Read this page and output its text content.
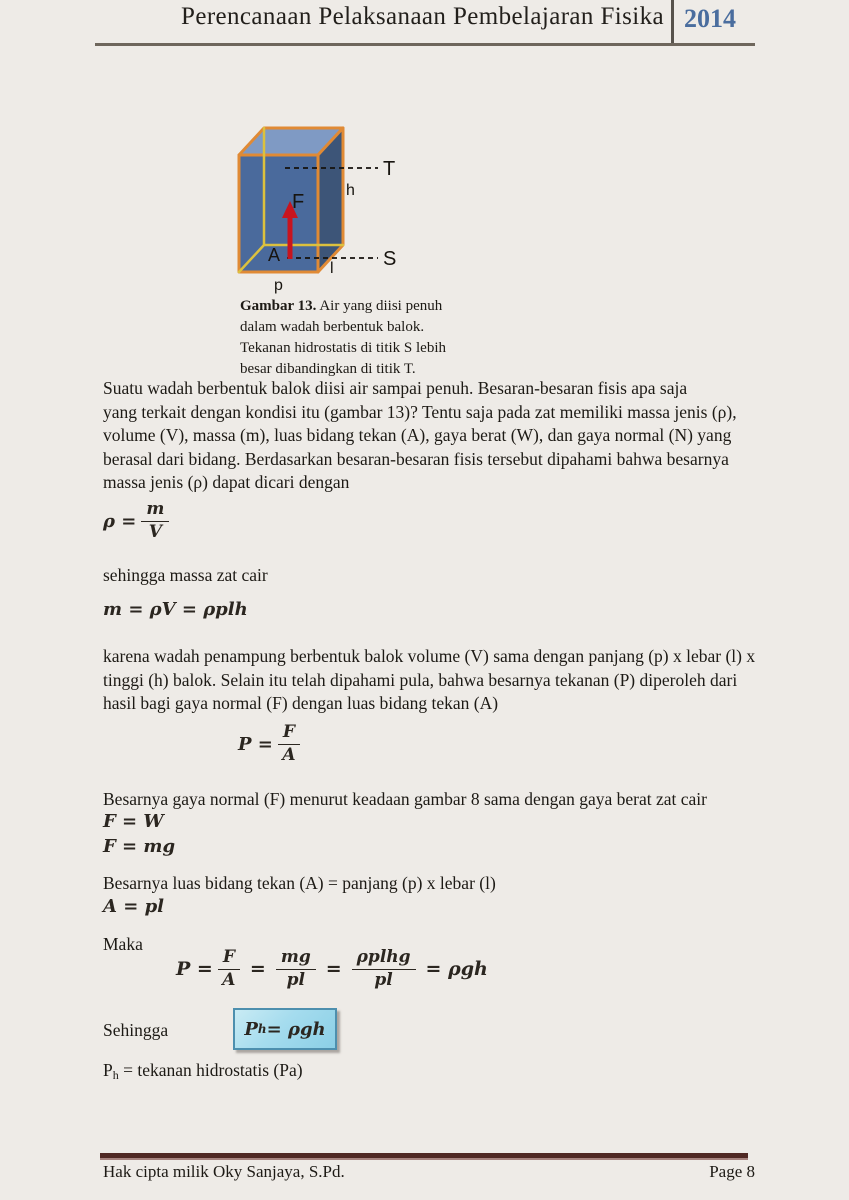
Perencanaan Pelaksanaan Pembelajaran Fisika 2014
T
h
F
A	S
l
p
Gambar 13. Air yang diisi penuh
dalam wadah berbentuk balok.
Tekanan hidrostatis di titik S lebih
besar dibandingkan di titik T.
Suatu wadah berbentuk balok diisi air sampai penuh. Besaran-besaran fisis apa saja
yang terkait dengan kondisi itu (gambar 13)? Tentu saja pada zat memiliki massa jenis (ρ),
volume (V), massa (m), luas bidang tekan (A), gaya berat (W), dan gaya normal (N) yang
berasal dari bidang. Berdasarkan besaran-besaran fisis tersebut dipahami bahwa besarnya
massa jenis (ρ) dapat dicari dengan
$\rho = \frac{m}{V}$
sehingga massa zat cair
m = ρV = ρplh
karena wadah penampung berbentuk balok volume (V) sama dengan panjang (p) x lebar (l) x
tinggi (h) balok. Selain itu telah dipahami pula, bahwa besarnya tekanan (P) diperoleh dari
hasil bagi gaya normal (F) dengan luas bidang tekan (A)
$P = \frac{F}{A}$
Besarnya gaya normal (F) menurut keadaan gambar 8 sama dengan gaya berat zat cair
F = W
F = mg
Besarnya luas bidang tekan (A) = panjang (p) x lebar (l)
A = pl
Maka
$P = \frac{F}{A} = \frac{mg}{pl} = \frac{\text{ρplhg}}{pl} = \rho gh$
Sehingga	P h = ρgh
$P_h$ = tekanan hidrostatis (Pa)
Hak cipta milik Oky Sanjaya, S.Pd.	Page 8
